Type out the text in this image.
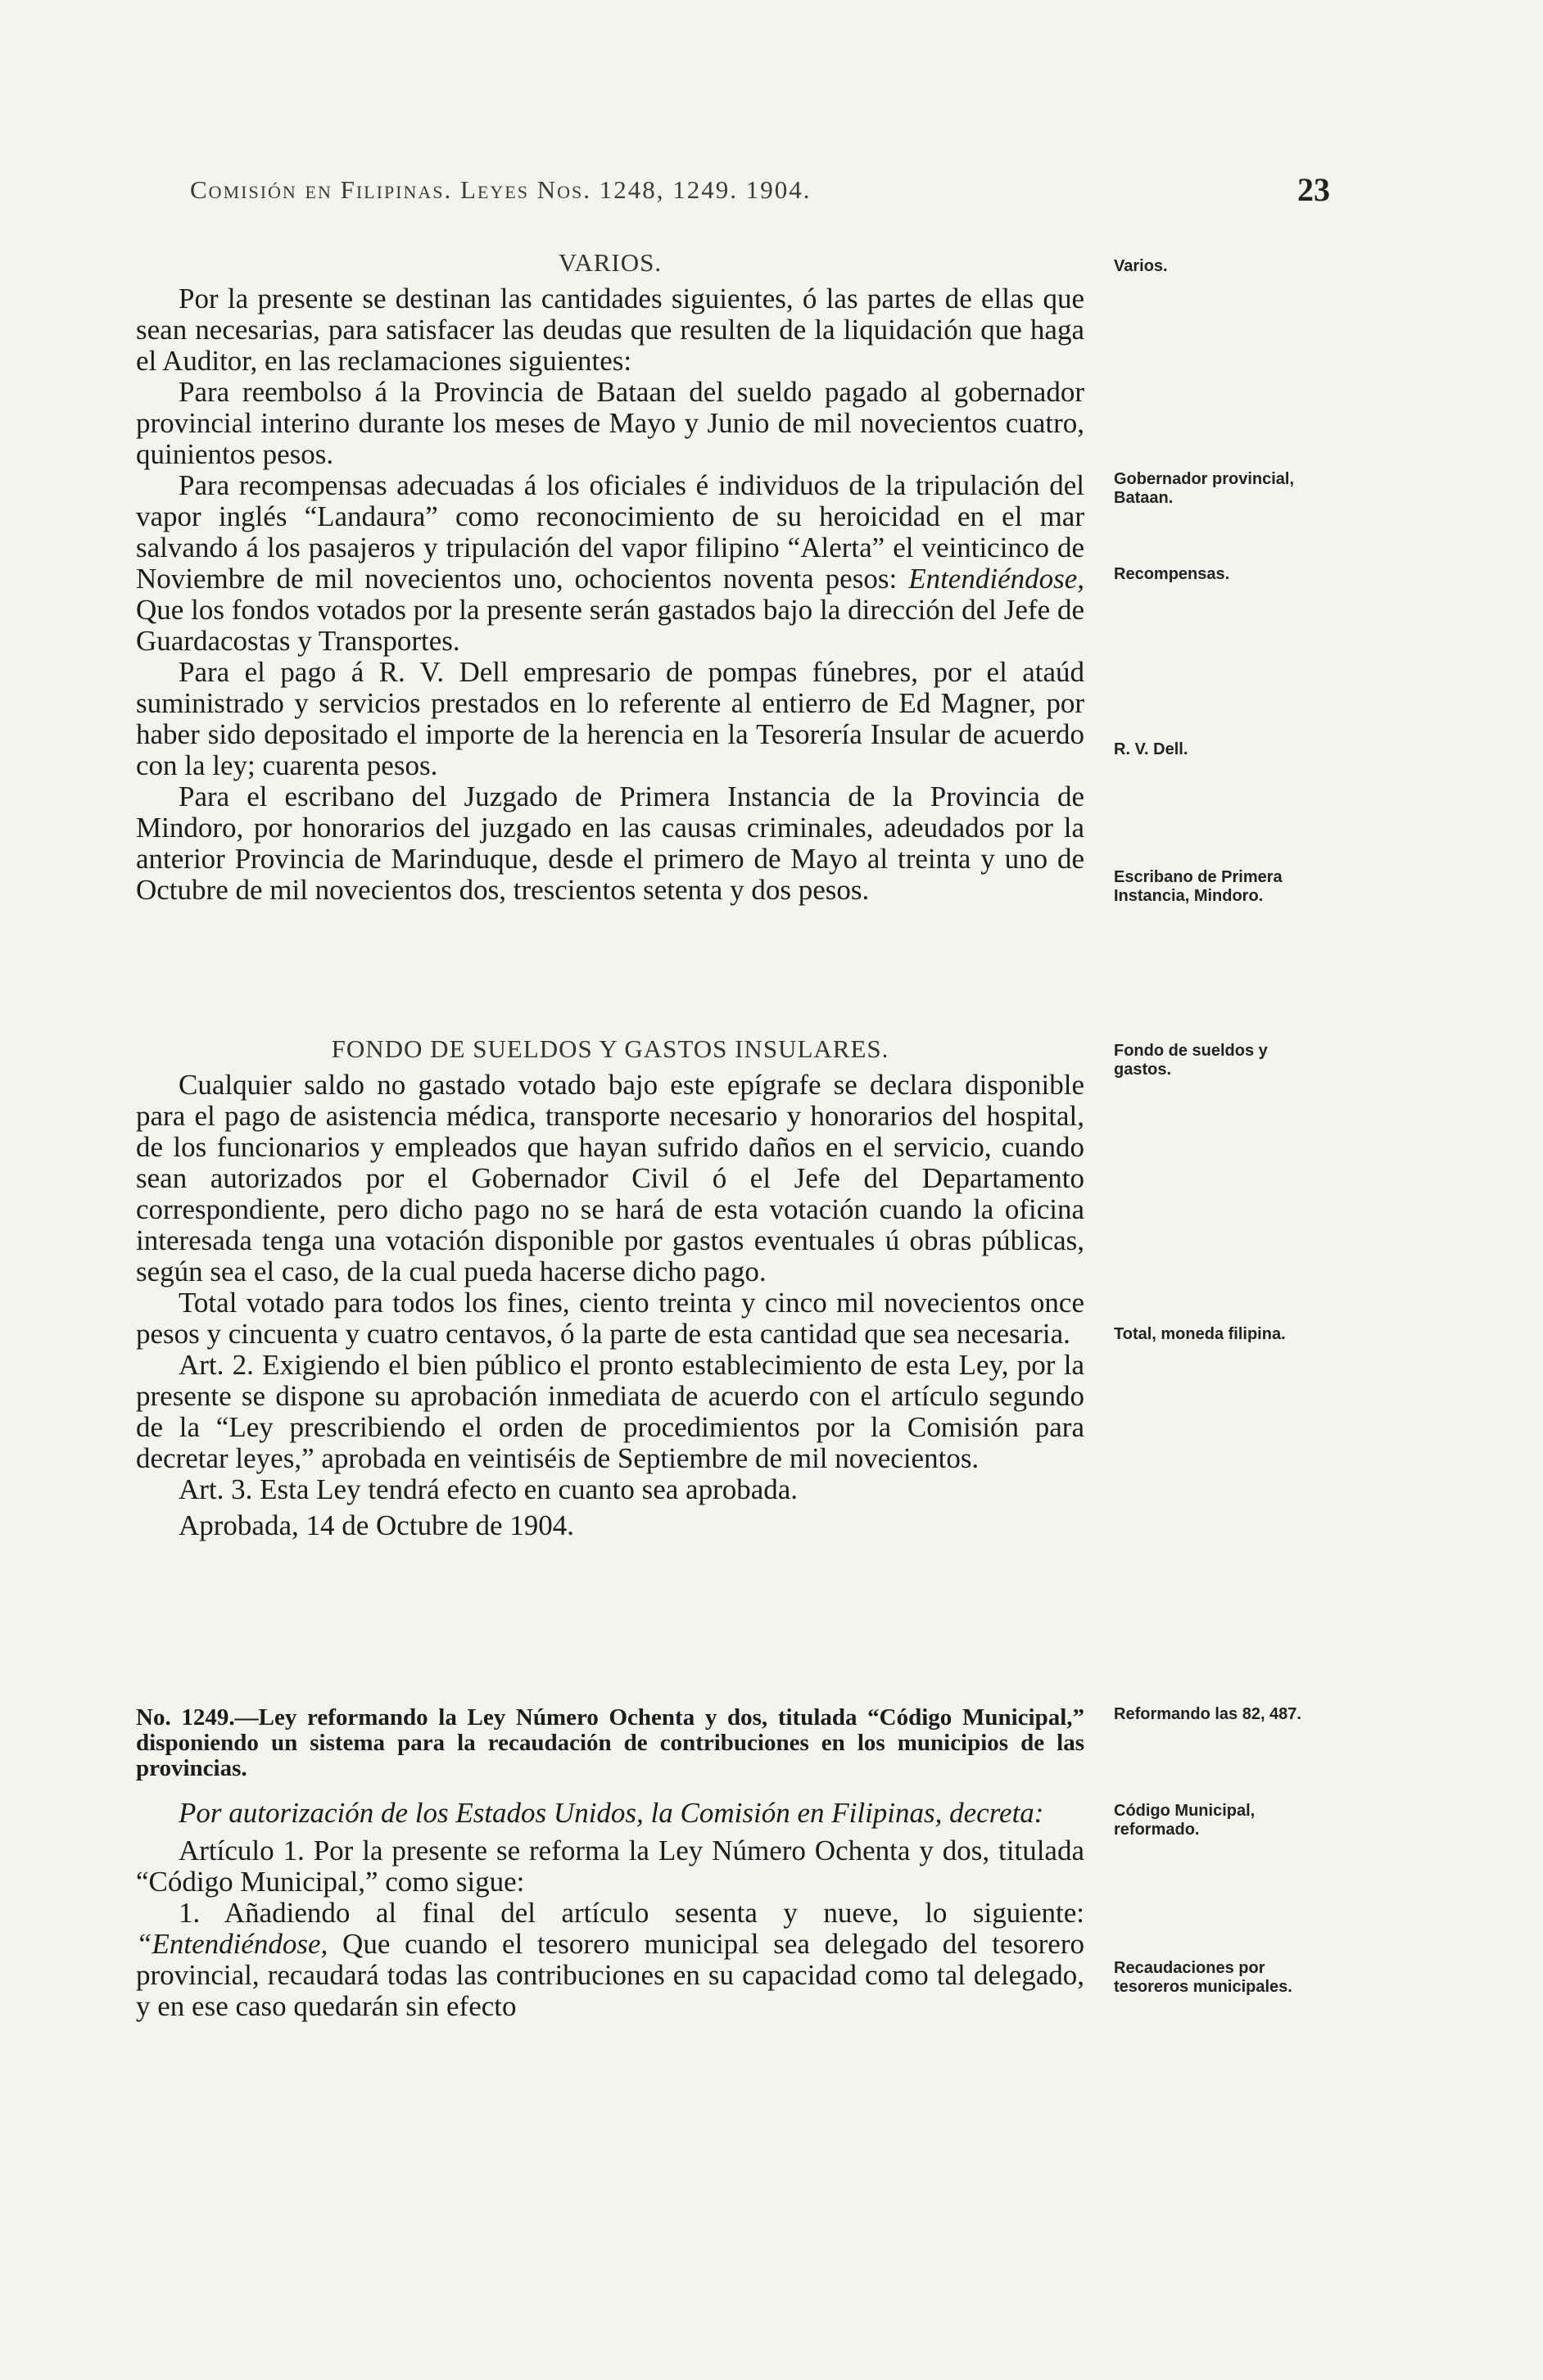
Comisión en Filipinas. Leyes Nos. 1248, 1249. 1904.	23

VARIOS.

Por la presente se destinan las cantidades siguientes, ó las partes de ellas que sean necesarias, para satisfacer las deudas que resulten de la liquidación que haga el Auditor, en las reclamaciones siguientes:

Para reembolso á la Provincia de Bataan del sueldo pagado al gobernador provincial interino durante los meses de Mayo y Junio de mil novecientos cuatro, quinientos pesos.

Para recompensas adecuadas á los oficiales é individuos de la tripulación del vapor inglés “Landaura” como reconocimiento de su heroicidad en el mar salvando á los pasajeros y tripulación del vapor filipino “Alerta” el veinticinco de Noviembre de mil novecientos uno, ochocientos noventa pesos: Entendiéndose, Que los fondos votados por la presente serán gastados bajo la dirección del Jefe de Guardacostas y Transportes.

Para el pago á R. V. Dell empresario de pompas fúnebres, por el ataúd suministrado y servicios prestados en lo referente al entierro de Ed Magner, por haber sido depositado el importe de la herencia en la Tesorería Insular de acuerdo con la ley; cuarenta pesos.

Para el escribano del Juzgado de Primera Instancia de la Provincia de Mindoro, por honorarios del juzgado en las causas criminales, adeudados por la anterior Provincia de Marinduque, desde el primero de Mayo al treinta y uno de Octubre de mil novecientos dos, trescientos setenta y dos pesos.

FONDO DE SUELDOS Y GASTOS INSULARES.

Cualquier saldo no gastado votado bajo este epígrafe se declara disponible para el pago de asistencia médica, transporte necesario y honorarios del hospital, de los funcionarios y empleados que hayan sufrido daños en el servicio, cuando sean autorizados por el Gobernador Civil ó el Jefe del Departamento correspondiente, pero dicho pago no se hará de esta votación cuando la oficina interesada tenga una votación disponible por gastos eventuales ú obras públicas, según sea el caso, de la cual pueda hacerse dicho pago.

Total votado para todos los fines, ciento treinta y cinco mil novecientos once pesos y cincuenta y cuatro centavos, ó la parte de esta cantidad que sea necesaria.

Art. 2. Exigiendo el bien público el pronto establecimiento de esta Ley, por la presente se dispone su aprobación inmediata de acuerdo con el artículo segundo de la “Ley prescribiendo el orden de procedimientos por la Comisión para decretar leyes,” aprobada en veintiséis de Septiembre de mil novecientos.

Art. 3. Esta Ley tendrá efecto en cuanto sea aprobada.

Aprobada, 14 de Octubre de 1904.

No. 1249.—Ley reformando la Ley Número Ochenta y dos, titulada “Código Municipal,” disponiendo un sistema para la recaudación de contribuciones en los municipios de las provincias.

Por autorización de los Estados Unidos, la Comisión en Filipinas, decreta:

Artículo 1. Por la presente se reforma la Ley Número Ochenta y dos, titulada “Código Municipal,” como sigue:

1. Añadiendo al final del artículo sesenta y nueve, lo siguiente: “Entendiéndose, Que cuando el tesorero municipal sea delegado del tesorero provincial, recaudará todas las contribuciones en su capacidad como tal delegado, y en ese caso quedarán sin efecto

Varios.
Gobernador provincial, Bataan.
Recompensas.
R. V. Dell.
Escribano de Primera Instancia, Mindoro.
Fondo de sueldos y gastos.
Total, moneda filipina.
Reformando las 82, 487.
Código Municipal, reformado.
Recaudaciones por tesoreros municipales.
